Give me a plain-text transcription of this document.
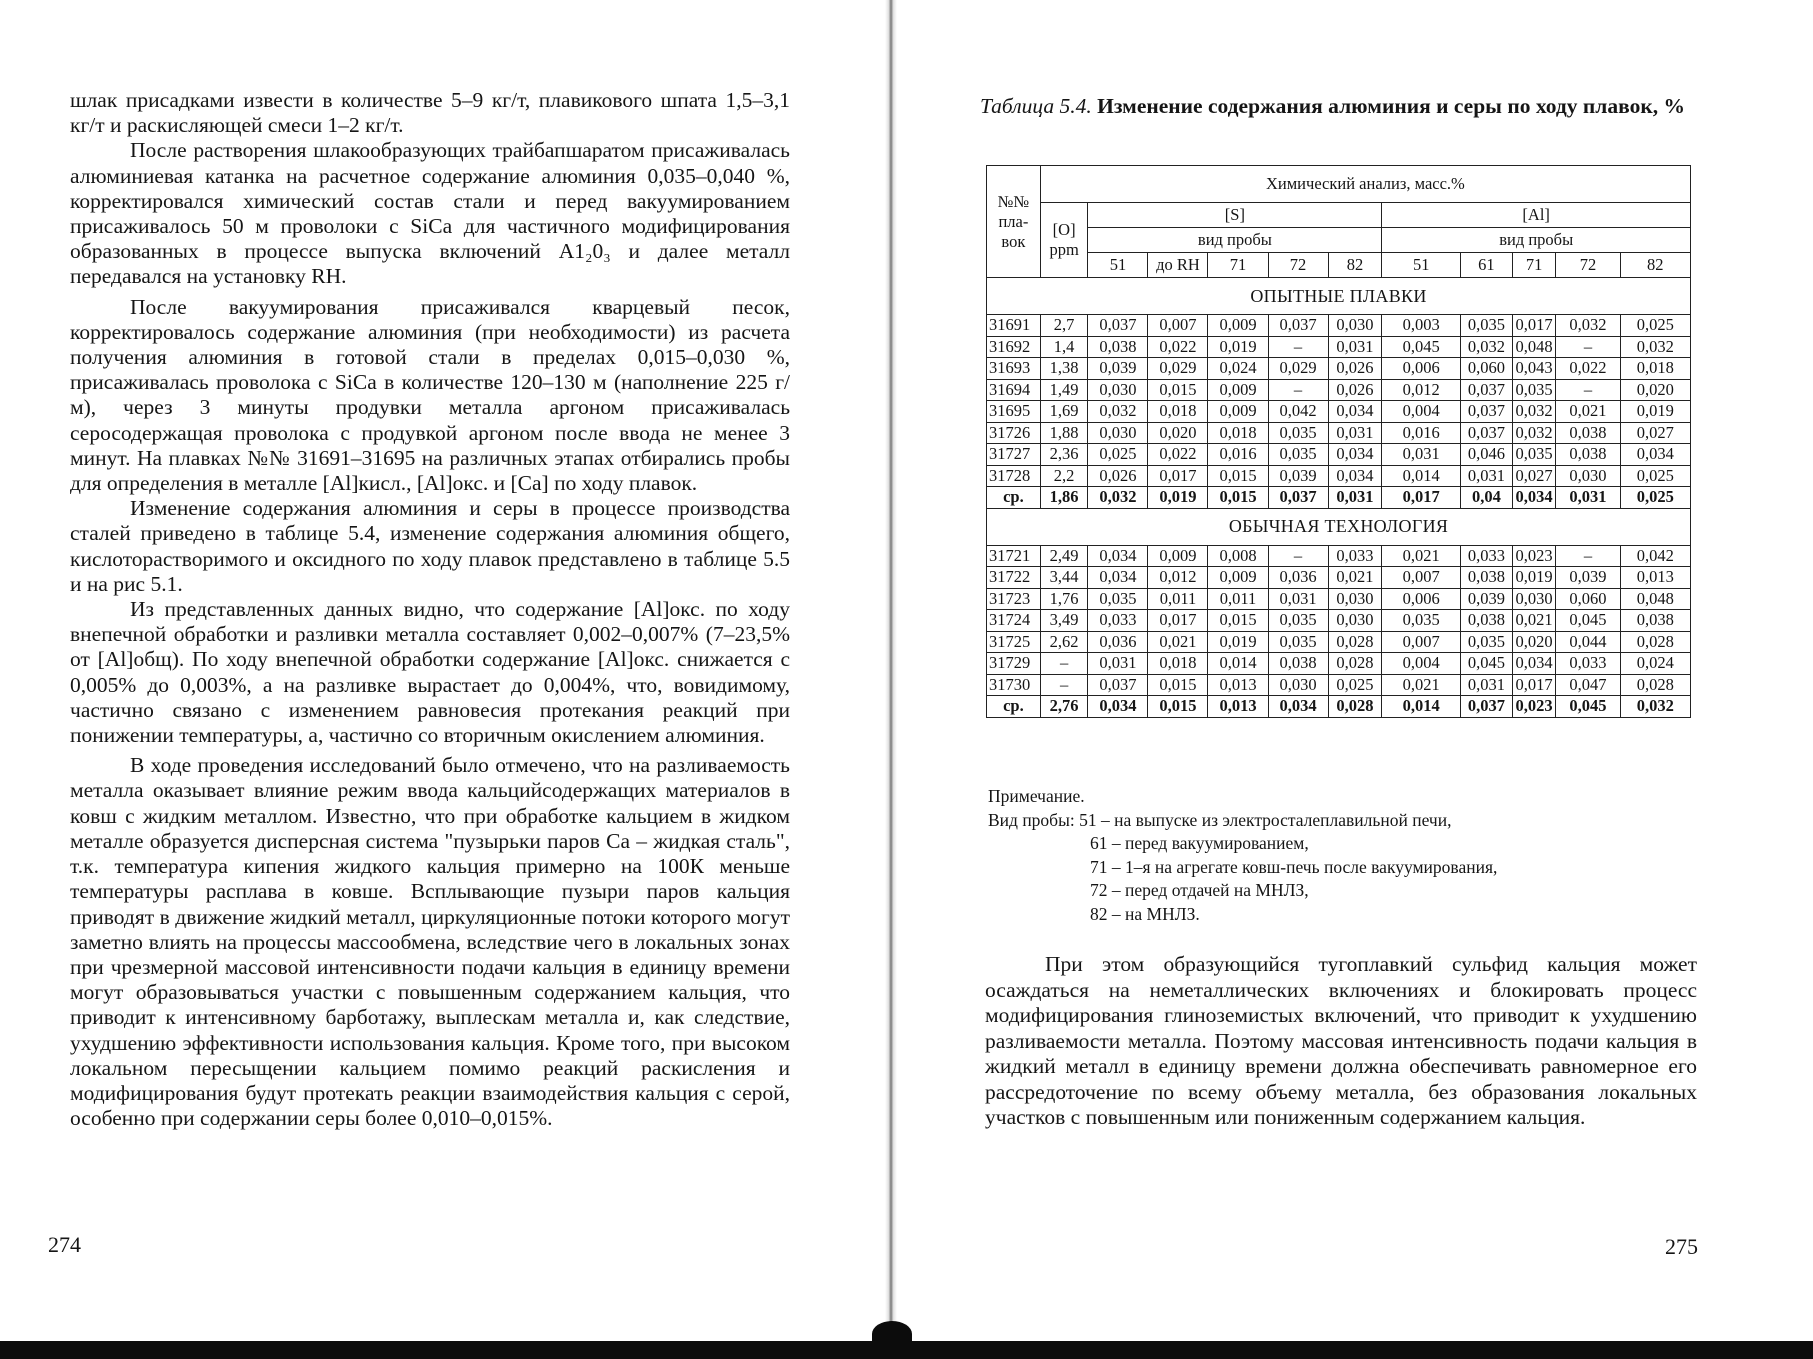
шлак присадками извести в количестве 5–9 кг/т, плавикового шпата 1,5–3,1 кг/т и раскисляющей смеси 1–2 кг/т.

После растворения шлакообразующих трайбапшаратом присаживалась алюминиевая катанка на расчетное содержание алюминия 0,035–0,040 %, корректировался химический состав стали и перед вакуумированием присаживалось 50 м проволоки с SiCa для частичного модифицирования образованных в процессе выпуска включений A1₂0₃ и далее металл передавался на установку RH.

После вакуумирования присаживался кварцевый песок, корректировалось содержание алюминия (при необходимости) из расчета получения алюминия в готовой стали в пределах 0,015–0,030 %, присаживалась проволока с SiCa в количестве 120–130 м (наполнение 225 г/м), через 3 минуты продувки металла аргоном присаживалась серосодержащая проволока с продувкой аргоном после ввода не менее 3 минут. На плавках №№ 31691–31695 на различных этапах отбирались пробы для определения в металле [Al]кисл., [Al]окс. и [Ca] по ходу плавок.

Изменение содержания алюминия и серы в процессе производства сталей приведено в таблице 5.4, изменение содержания алюминия общего, кислоторастворимого и оксидного по ходу плавок представлено в таблице 5.5 и на рис 5.1.

Из представленных данных видно, что содержание [Al]окс. по ходу внепечной обработки и разливки металла составляет 0,002–0,007% (7–23,5% от [Al]общ). По ходу внепечной обработки содержание [Al]окс. снижается с 0,005% до 0,003%, а на разливке вырастает до 0,004%, что, вовидимому, частично связано с изменением равновесия протекания реакций при понижении температуры, а, частично со вторичным окислением алюминия.

В ходе проведения исследований было отмечено, что на разливаемость металла оказывает влияние режим ввода кальцийсодержащих материалов в ковш с жидким металлом. Известно, что при обработке кальцием в жидком металле образуется дисперсная система "пузырьки паров Ca – жидкая сталь", т.к. температура кипения жидкого кальция примерно на 100К меньше температуры расплава в ковше. Всплывающие пузыри паров кальция приводят в движение жидкий металл, циркуляционные потоки которого могут заметно влиять на процессы массообмена, вследствие чего в локальных зонах при чрезмерной массовой интенсивности подачи кальция в единицу времени могут образовываться участки с повышенным содержанием кальция, что приводит к интенсивному барботажу, выплескам металла и, как следствие, ухудшению эффективности использования кальция. Кроме того, при высоком локальном пересыщении кальцием помимо реакций раскисления и модифицирования будут протекать реакции взаимодействия кальция с серой, особенно при содержании серы более 0,010–0,015%.

274
Таблица 5.4. Изменение содержания алюминия и серы по ходу плавок, %
№№ пла-вок	Химический анализ, масс.%										
	[O] ppm	[S]					[Al]				
		вид пробы					вид пробы				
		51	до RH	71	72	82	51	61	71	72	82
ОПЫТНЫЕ ПЛАВКИ											
31691	2,7	0,037	0,007	0,009	0,037	0,030	0,003	0,035	0,017	0,032	0,025
31692	1,4	0,038	0,022	0,019	–	0,031	0,045	0,032	0,048	–	0,032
31693	1,38	0,039	0,029	0,024	0,029	0,026	0,006	0,060	0,043	0,022	0,018
31694	1,49	0,030	0,015	0,009	–	0,026	0,012	0,037	0,035	–	0,020
31695	1,69	0,032	0,018	0,009	0,042	0,034	0,004	0,037	0,032	0,021	0,019
31726	1,88	0,030	0,020	0,018	0,035	0,031	0,016	0,037	0,032	0,038	0,027
31727	2,36	0,025	0,022	0,016	0,035	0,034	0,031	0,046	0,035	0,038	0,034
31728	2,2	0,026	0,017	0,015	0,039	0,034	0,014	0,031	0,027	0,030	0,025
ср.	1,86	0,032	0,019	0,015	0,037	0,031	0,017	0,04	0,034	0,031	0,025
ОБЫЧНАЯ ТЕХНОЛОГИЯ											
31721	2,49	0,034	0,009	0,008	–	0,033	0,021	0,033	0,023	–	0,042
31722	3,44	0,034	0,012	0,009	0,036	0,021	0,007	0,038	0,019	0,039	0,013
31723	1,76	0,035	0,011	0,011	0,031	0,030	0,006	0,039	0,030	0,060	0,048
31724	3,49	0,033	0,017	0,015	0,035	0,030	0,035	0,038	0,021	0,045	0,038
31725	2,62	0,036	0,021	0,019	0,035	0,028	0,007	0,035	0,020	0,044	0,028
31729	–	0,031	0,018	0,014	0,038	0,028	0,004	0,045	0,034	0,033	0,024
31730	–	0,037	0,015	0,013	0,030	0,025	0,021	0,031	0,017	0,047	0,028
ср.	2,76	0,034	0,015	0,013	0,034	0,028	0,014	0,037	0,023	0,045	0,032
Примечание.
Вид пробы: 51 – на выпуске из электросталеплавильной печи,
61 – перед вакуумированием,
71 – 1–я на агрегате ковш-печь после вакуумирования,
72 – перед отдачей на МНЛЗ,
82 – на МНЛЗ.

При этом образующийся тугоплавкий сульфид кальция может осаждаться на неметаллических включениях и блокировать процесс модифицирования глиноземистых включений, что приводит к ухудшению разливаемости металла. Поэтому массовая интенсивность подачи кальция в жидкий металл в единицу времени должна обеспечивать равномерное его рассредоточение по всему объему металла, без образования локальных участков с повышенным или пониженным содержанием кальция.

275
